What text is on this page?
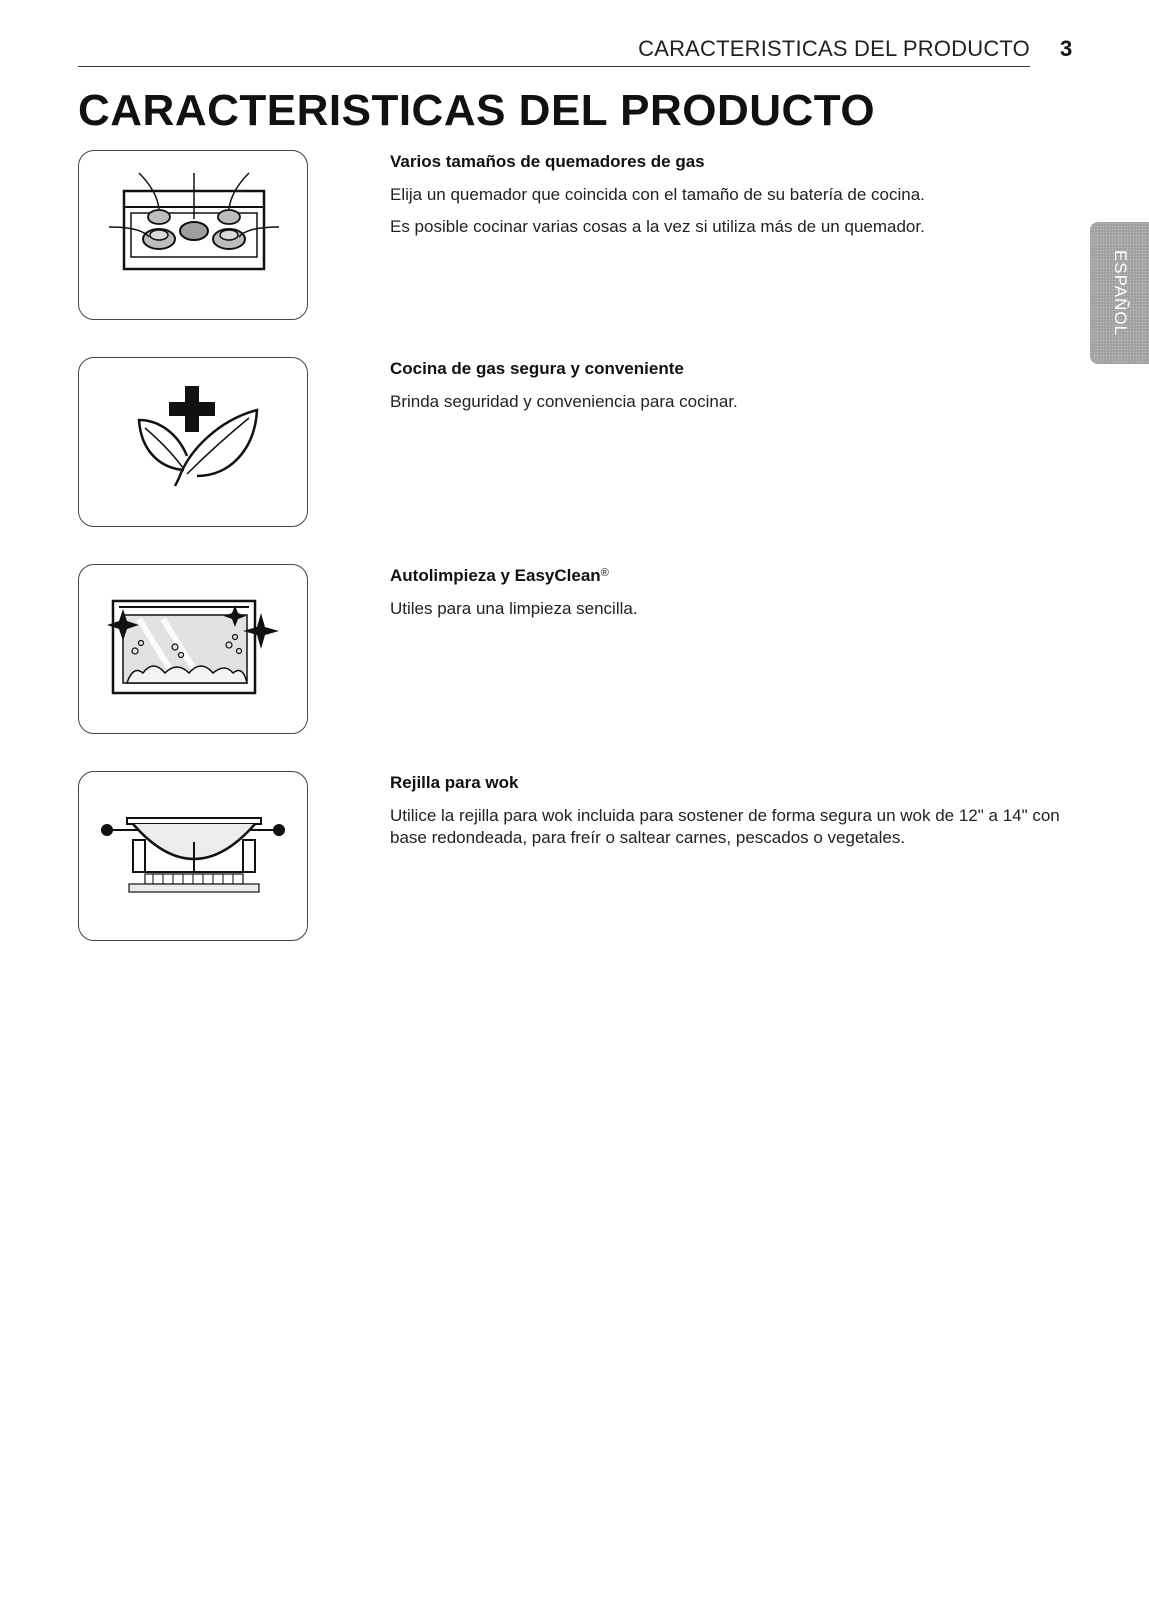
CARACTERISTICAS DEL PRODUCTO 3
CARACTERISTICAS DEL PRODUCTO
ESPAÑOL
Varios tamaños de quemadores de gas

Elija un quemador que coincida con el tamaño de su batería de cocina.

Es posible cocinar varias cosas a la vez si utiliza más de un quemador.

Cocina de gas segura y conveniente

Brinda seguridad y conveniencia para cocinar.

Autolimpieza y EasyClean®

Utiles para una limpieza sencilla.

Rejilla para wok

Utilice la rejilla para wok incluida para sostener de forma segura un wok de 12" a 14" con base redondeada, para freír o saltear carnes, pescados o vegetales.
